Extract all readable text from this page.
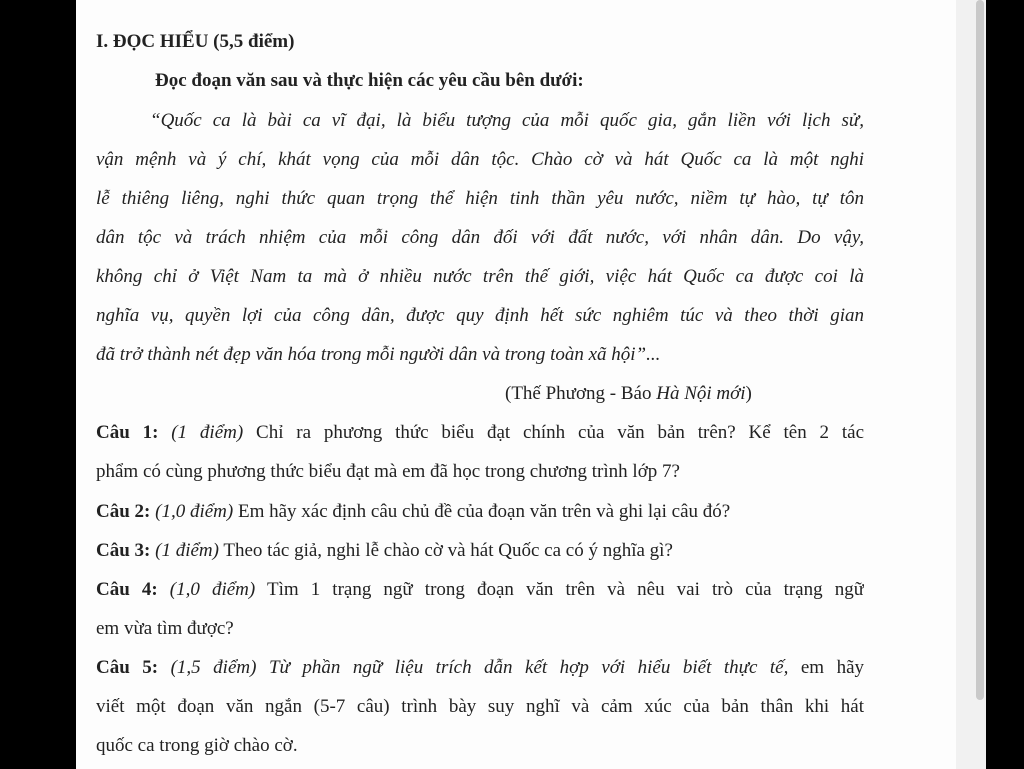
I. ĐỌC HIỂU (5,5 điểm)

Đọc đoạn văn sau và thực hiện các yêu cầu bên dưới:

“Quốc ca là bài ca vĩ đại, là biểu tượng của mỗi quốc gia, gắn liền với lịch sử,

vận mệnh và ý chí, khát vọng của mỗi dân tộc. Chào cờ và hát Quốc ca là một nghi

lễ thiêng liêng, nghi thức quan trọng thể hiện tinh thần yêu nước, niềm tự hào, tự tôn

dân tộc và trách nhiệm của mỗi công dân đối với đất nước, với nhân dân. Do vậy,

không chỉ ở Việt Nam ta mà ở nhiều nước trên thế giới, việc hát Quốc ca được coi là

nghĩa vụ, quyền lợi của công dân, được quy định hết sức nghiêm túc và theo thời gian

đã trở thành nét đẹp văn hóa trong mỗi người dân và trong toàn xã hội”...

(Thế Phương - Báo Hà Nội mới)

Câu 1: (1 điểm) Chỉ ra phương thức biểu đạt chính của văn bản trên? Kể tên 2 tác

phẩm có cùng phương thức biểu đạt mà em đã học trong chương trình lớp 7?

Câu 2: (1,0 điểm) Em hãy xác định câu chủ đề của đoạn văn trên và ghi lại câu đó?

Câu 3: (1 điểm) Theo tác giả, nghi lễ chào cờ và hát Quốc ca có ý nghĩa gì?

Câu 4: (1,0 điểm) Tìm 1 trạng ngữ trong đoạn văn trên và nêu vai trò của trạng ngữ

em vừa tìm được?

Câu 5: (1,5 điểm) Từ phần ngữ liệu trích dẫn kết hợp với hiểu biết thực tế, em hãy

viết một đoạn văn ngắn (5-7 câu) trình bày suy nghĩ và cảm xúc của bản thân khi hát

quốc ca trong giờ chào cờ.
